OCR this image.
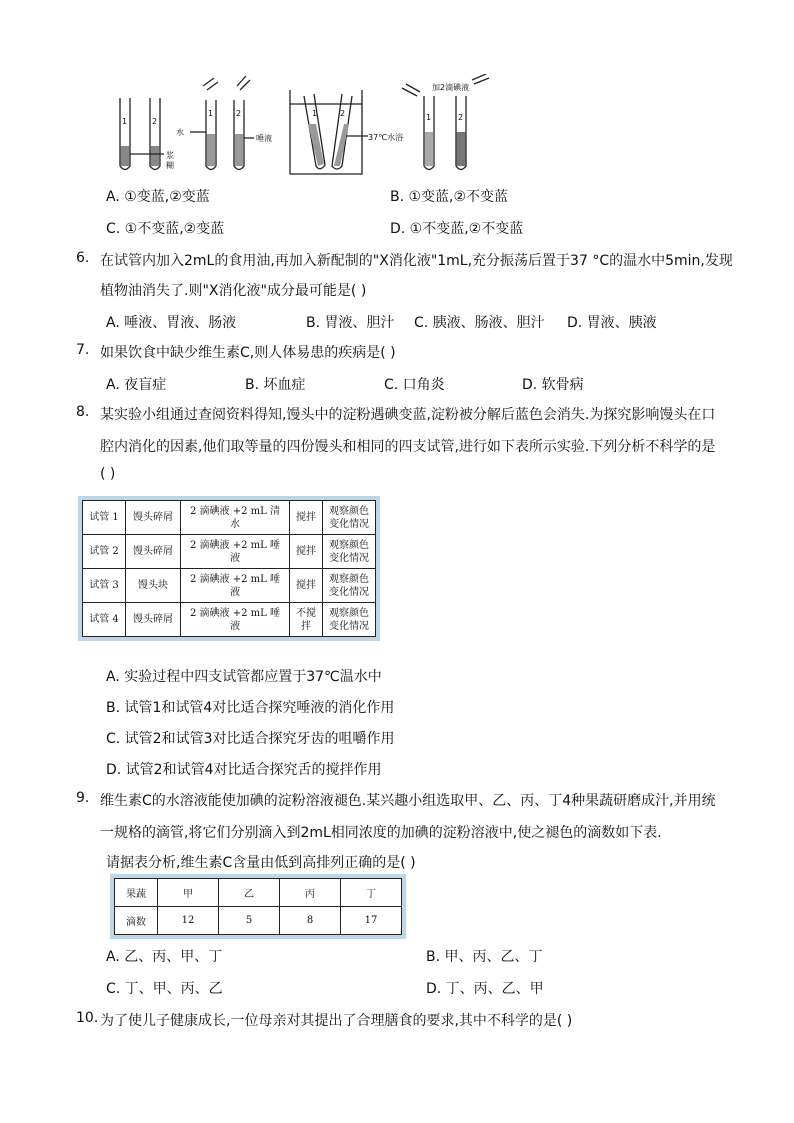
1	2
1	2	1	2	1	2
水
唾液	37℃水浴
加2滴碘液
浆糊
A. ①变蓝,②变蓝	B. ①变蓝,②不变蓝
C. ①不变蓝,②变蓝	D. ①不变蓝,②不变蓝
6. 在试管内加入2mL的食用油,再加入新配制的"X消化液"1mL,充分振荡后置于37 °C的温水中5min,发现
植物油消失了.则"X消化液"成分最可能是( )
A. 唾液、胃液、肠液	B. 胃液、胆汁 C. 胰液、肠液、胆汁 D. 胃液、胰液
7. 如果饮食中缺少维生素C,则人体易患的疾病是( )
A. 夜盲症	B. 坏血症	C. 口角炎	D. 软骨病
8. 某实验小组通过查阅资料得知,馒头中的淀粉遇碘变蓝,淀粉被分解后蓝色会消失.为探究影响馒头在口
腔内消化的因素,他们取等量的四份馒头和相同的四支试管,进行如下表所示实验.下列分析不科学的是
( )
试管 1	馒头碎屑	2 滴碘液 +2 mL 清水	搅拌	观察颜色变化情况
试管 2	馒头碎屑	2 滴碘液 +2 mL 唾液	搅拌	观察颜色变化情况
试管 3	馒头块	2 滴碘液 +2 mL 唾液	搅拌	观察颜色变化情况
试管 4	馒头碎屑	2 滴碘液 +2 mL 唾液	不搅拌	观察颜色变化情况
A. 实验过程中四支试管都应置于37℃温水中
B. 试管1和试管4对比适合探究唾液的消化作用
C. 试管2和试管3对比适合探究牙齿的咀嚼作用
D. 试管2和试管4对比适合探究舌的搅拌作用
9. 维生素C的水溶液能使加碘的淀粉溶液褪色.某兴趣小组选取甲、乙、丙、丁4种果蔬研磨成汁,并用统
一规格的滴管,将它们分别滴入到2mL相同浓度的加碘的淀粉溶液中,使之褪色的滴数如下表.
请据表分析,维生素C含量由低到高排列正确的是( )
果蔬	甲	乙	丙	丁
滴数	12	5	8	17
A. 乙、丙、甲、丁	B. 甲、丙、乙、丁
C. 丁、甲、丙、乙	D. 丁、丙、乙、甲
10. 为了使儿子健康成长,一位母亲对其提出了合理膳食的要求,其中不科学的是( )
